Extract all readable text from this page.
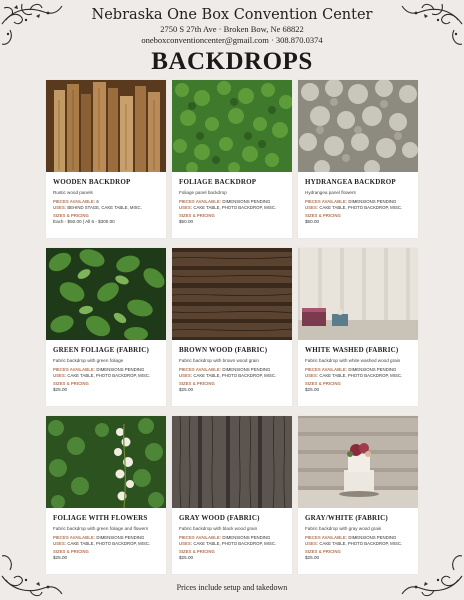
Nebraska One Box Convention Center
2750 S 27th Ave · Broken Bow, Ne 68822
oneboxconventioncenter@gmail.com · 308.870.0374
BACKDROPS
WOODEN BACKDROP
Rustic wood panels
PIECES AVAILABLE: 6
USES: BEHIND STAGE, CAKE TABLE, MISC.
SIZES & PRICING
Each - $50.00 | All 6 - $300.00
FOLIAGE BACKDROP
Foliage panel backdrop
PIECES AVAILABLE: DIMENSIONS PENDING
USES: CAKE TABLE, PHOTO BACKDROP, MISC.
SIZES & PRICING
$50.00
HYDRANGEA BACKDROP
Hydrangea panel flowers
PIECES AVAILABLE: DIMENSIONS PENDING
USES: CAKE TABLE, PHOTO BACKDROP, MISC.
SIZES & PRICING
$50.00
GREEN FOLIAGE (FABRIC)
Fabric backdrop with green foliage
PIECES AVAILABLE: DIMENSIONS PENDING
USES: CAKE TABLE, PHOTO BACKDROP, MISC.
SIZES & PRICING
$25.00
BROWN WOOD (FABRIC)
Fabric backdrop with brown wood grain
PIECES AVAILABLE: DIMENSIONS PENDING
USES: CAKE TABLE, PHOTO BACKDROP, MISC.
SIZES & PRICING
$25.00
WHITE WASHED (FABRIC)
Fabric backdrop with white washed wood grain
PIECES AVAILABLE: DIMENSIONS PENDING
USES: CAKE TABLE, PHOTO BACKDROP, MISC.
SIZES & PRICING
$25.00
FOLIAGE WITH FLOWERS
Fabric backdrop with green foliage and flowers
PIECES AVAILABLE: DIMENSIONS PENDING
USES: CAKE TABLE, PHOTO BACKDROP, MISC.
SIZES & PRICING
$25.00
GRAY WOOD (FABRIC)
Fabric backdrop with black wood grain
PIECES AVAILABLE: DIMENSIONS PENDING
USES: CAKE TABLE, PHOTO BACKDROP, MISC.
SIZES & PRICING
$25.00
GRAY/WHITE (FABRIC)
Fabric backdrop with gray wood grain
PIECES AVAILABLE: DIMENSIONS PENDING
USES: CAKE TABLE, PHOTO BACKDROP, MISC.
SIZES & PRICING
$25.00
Prices include setup and takedown
